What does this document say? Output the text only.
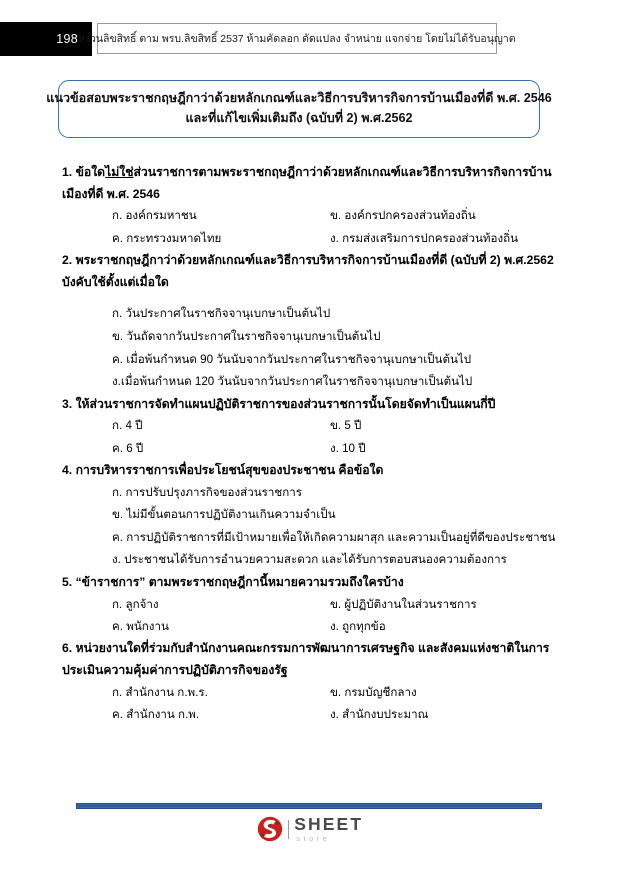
198 สงวนลิขสิทธิ์ ตาม พรบ.ลิขสิทธิ์ 2537 ห้ามคัดลอก ดัดแปลง จำหน่าย แจกจ่าย โดยไม่ได้รับอนุญาต
แนวข้อสอบพระราชกฤษฎีกาว่าด้วยหลักเกณฑ์และวิธีการบริหารกิจการบ้านเมืองที่ดี พ.ศ. 2546
และที่แก้ไขเพิ่มเติมถึง (ฉบับที่ 2) พ.ศ.2562
1. ข้อใดไม่ใช่ส่วนราชการตามพระราชกฤษฎีกาว่าด้วยหลักเกณฑ์และวิธีการบริหารกิจการบ้านเมืองที่ดี พ.ศ. 2546
ก. องค์กรมหาชน	ข. องค์กรปกครองส่วนท้องถิ่น
ค. กระทรวงมหาดไทย	ง. กรมส่งเสริมการปกครองส่วนท้องถิ่น
2. พระราชกฤษฎีกาว่าด้วยหลักเกณฑ์และวิธีการบริหารกิจการบ้านเมืองที่ดี (ฉบับที่ 2) พ.ศ.2562 บังคับใช้ตั้งแต่เมื่อใด
ก. วันประกาศในราชกิจจานุเบกษาเป็นต้นไป
ข. วันถัดจากวันประกาศในราชกิจจานุเบกษาเป็นต้นไป
ค. เมื่อพ้นกำหนด 90 วันนับจากวันประกาศในราชกิจจานุเบกษาเป็นต้นไป
ง.เมื่อพ้นกำหนด 120 วันนับจากวันประกาศในราชกิจจานุเบกษาเป็นต้นไป
3. ให้ส่วนราชการจัดทำแผนปฏิบัติราชการของส่วนราชการนั้นโดยจัดทำเป็นแผนกี่ปี
ก. 4 ปี	ข. 5 ปี
ค. 6 ปี	ง. 10 ปี
4. การบริหารราชการเพื่อประโยชน์สุขของประชาชน คือข้อใด
ก. การปรับปรุงภารกิจของส่วนราชการ
ข. ไม่มีขั้นตอนการปฏิบัติงานเกินความจำเป็น
ค. การปฏิบัติราชการที่มีเป้าหมายเพื่อให้เกิดความผาสุก และความเป็นอยู่ที่ดีของประชาชน
ง. ประชาชนได้รับการอำนวยความสะดวก และได้รับการตอบสนองความต้องการ
5. “ข้าราชการ” ตามพระราชกฤษฎีกานี้หมายความรวมถึงใครบ้าง
ก. ลูกจ้าง	ข. ผู้ปฏิบัติงานในส่วนราชการ
ค. พนักงาน	ง. ถูกทุกข้อ
6. หน่วยงานใดที่ร่วมกับสำนักงานคณะกรรมการพัฒนาการเศรษฐกิจ และสังคมแห่งชาติในการประเมินความคุ้มค่าการปฏิบัติภารกิจของรัฐ
ก. สำนักงาน ก.พ.ร.	ข. กรมบัญชีกลาง
ค. สำนักงาน ก.พ.	ง. สำนักงบประมาณ
SHEET
store
